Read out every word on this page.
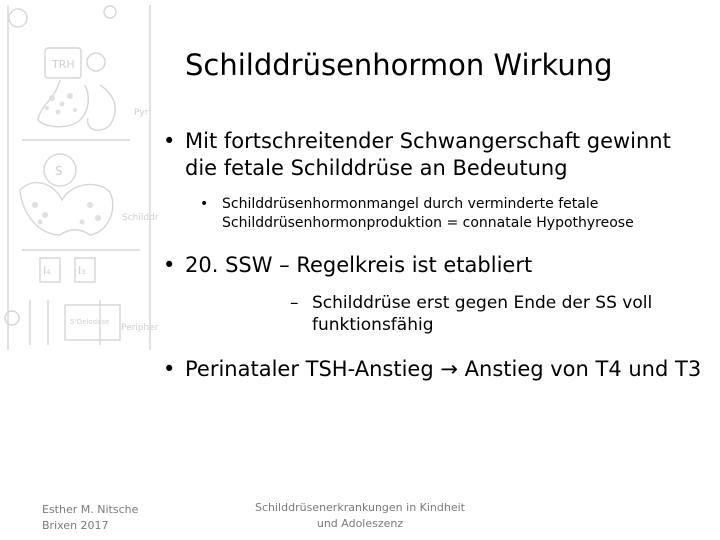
TRH
Pyr
S
Schilddr
I₄ I₃
5‘Deiodase
Peripher
Schilddrüsenhormon Wirkung
• Mit fortschreitender Schwangerschaft gewinnt die fetale Schilddrüse an Bedeutung
• Schilddrüsenhormonmangel durch verminderte fetale Schilddrüsenhormonproduktion = connatale Hypothyreose
• 20. SSW – Regelkreis ist etabliert
– Schilddrüse erst gegen Ende der SS voll funktionsfähig
• Perinataler TSH-Anstieg → Anstieg von T4 und T3
Esther M. Nitsche
Brixen 2017
Schilddrüsenerkrankungen in Kindheit
und Adoleszenz
